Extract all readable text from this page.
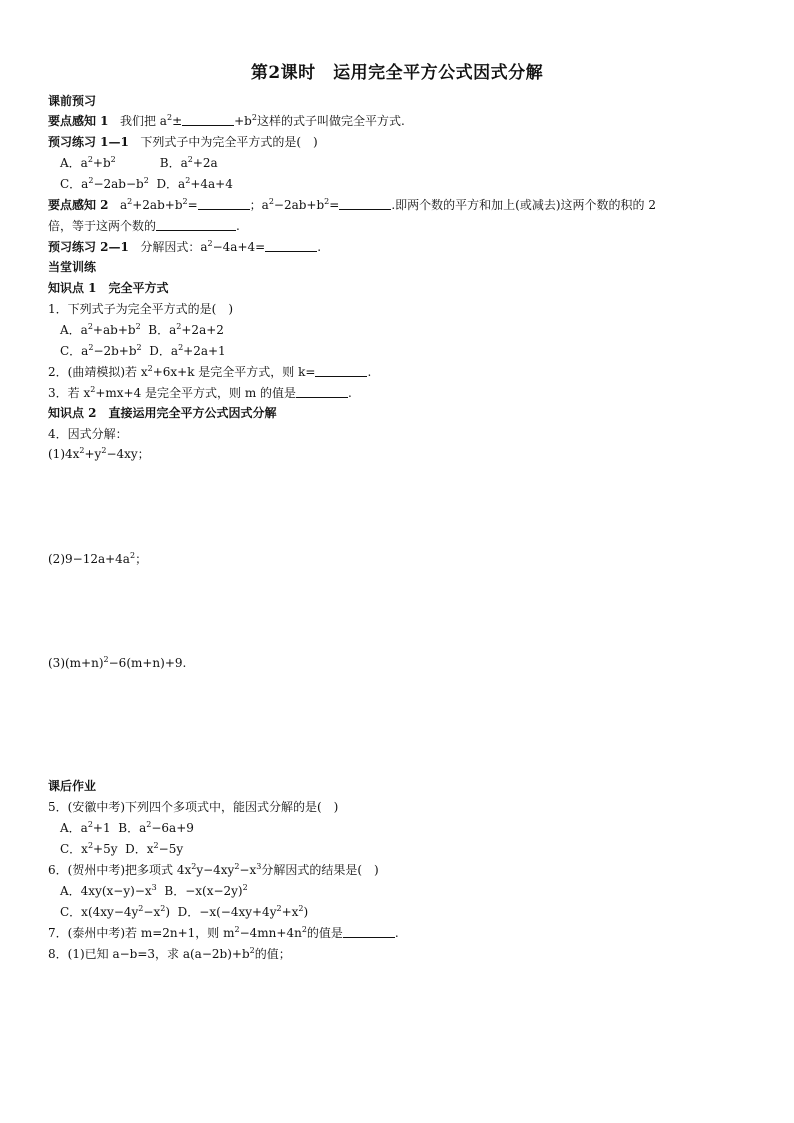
第2课时　运用完全平方公式因式分解
课前预习
要点感知 1 我们把 $a^2\pm$	$+b^2$这样的式子叫做完全平方式.
预习练习 1—1 下列式子中为完全平方式的是(　)
A．$a^2+b^2$	B．$a^2+2a$
C．$a^2-2ab-b^2$ D．$a^2+4a+4$
要点感知 2 $a^2+2ab+b^2=$	；$a^2-2ab+b^2=$	.即两个数的平方和加上(或减去)这两个数的积的 2
倍，等于这两个数的	.
预习练习 2—1 分解因式：$a^2-4a+4=$	.
当堂训练
知识点 1　完全平方式
1．下列式子为完全平方式的是(　)
A．$a^2+ab+b^2$ B．$a^2+2a+2$
C．$a^2-2b+b^2$ D．$a^2+2a+1$
2．(曲靖模拟)若 $x^2+6x+k$ 是完全平方式，则 k=	.
3．若 $x^2+mx+4$ 是完全平方式，则 m 的值是	.
知识点 2　直接运用完全平方公式因式分解
4．因式分解：
$(1)4x^2+y^2-4xy$；
$(2)9-12a+4a^2$；
$(3)(m+n)^2-6(m+n)+9$.
课后作业
5．(安徽中考)下列四个多项式中，能因式分解的是(　)
A．$a^2+1$ B．$a^2-6a+9$
C．$x^2+5y$ D．$x^2-5y$
6．(贺州中考)把多项式 $4x^2y-4xy^2-x^3$分解因式的结果是(　)
A．$4xy(x-y)-x^3$ B．$-x(x-2y)^2$
C．$x(4xy-4y^2-x^2)$ D．$-x(-4xy+4y^2+x^2)$
7．(泰州中考)若 m=2n+1，则 $m^2-4mn+4n^2$的值是	.
8．(1)已知 a−b=3，求 $a(a-2b)+b^2$的值；
